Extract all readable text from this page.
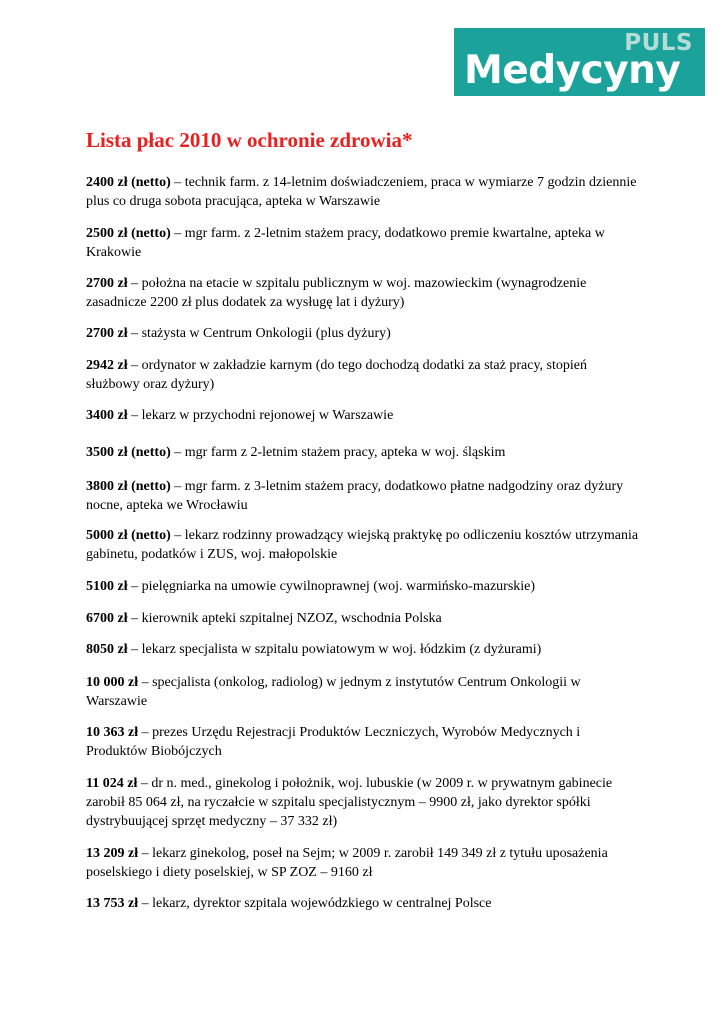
PULS
Medycyny
Lista płac 2010 w ochronie zdrowia*

2400 zł (netto) – technik farm. z 14-letnim doświadczeniem, praca w wymiarze 7 godzin dziennie plus co druga sobota pracująca, apteka w Warszawie

2500 zł (netto) – mgr farm. z 2-letnim stażem pracy, dodatkowo premie kwartalne, apteka w Krakowie

2700 zł – położna na etacie w szpitalu publicznym w woj. mazowieckim (wynagrodzenie zasadnicze 2200 zł plus dodatek za wysługę lat i dyżury)

2700 zł – stażysta w Centrum Onkologii (plus dyżury)

2942 zł – ordynator w zakładzie karnym (do tego dochodzą dodatki za staż pracy, stopień służbowy oraz dyżury)

3400 zł – lekarz w przychodni rejonowej w Warszawie

3500 zł (netto) – mgr farm z 2-letnim stażem pracy, apteka w woj. śląskim

3800 zł (netto) – mgr farm. z 3-letnim stażem pracy, dodatkowo płatne nadgodziny oraz dyżury nocne, apteka we Wrocławiu

5000 zł (netto) – lekarz rodzinny prowadzący wiejską praktykę po odliczeniu kosztów utrzymania gabinetu, podatków i ZUS, woj. małopolskie

5100 zł – pielęgniarka na umowie cywilnoprawnej (woj. warmińsko-mazurskie)

6700 zł – kierownik apteki szpitalnej NZOZ, wschodnia Polska

8050 zł – lekarz specjalista w szpitalu powiatowym w woj. łódzkim (z dyżurami)

10 000 zł – specjalista (onkolog, radiolog) w jednym z instytutów Centrum Onkologii w Warszawie

10 363 zł – prezes Urzędu Rejestracji Produktów Leczniczych, Wyrobów Medycznych i Produktów Biobójczych

11 024 zł – dr n. med., ginekolog i położnik, woj. lubuskie (w 2009 r. w prywatnym gabinecie zarobił 85 064 zł, na ryczałcie w szpitalu specjalistycznym – 9900 zł, jako dyrektor spółki dystrybuującej sprzęt medyczny – 37 332 zł)

13 209 zł – lekarz ginekolog, poseł na Sejm; w 2009 r. zarobił 149 349 zł z tytułu uposażenia poselskiego i diety poselskiej, w SP ZOZ – 9160 zł

13 753 zł – lekarz, dyrektor szpitala wojewódzkiego w centralnej Polsce
